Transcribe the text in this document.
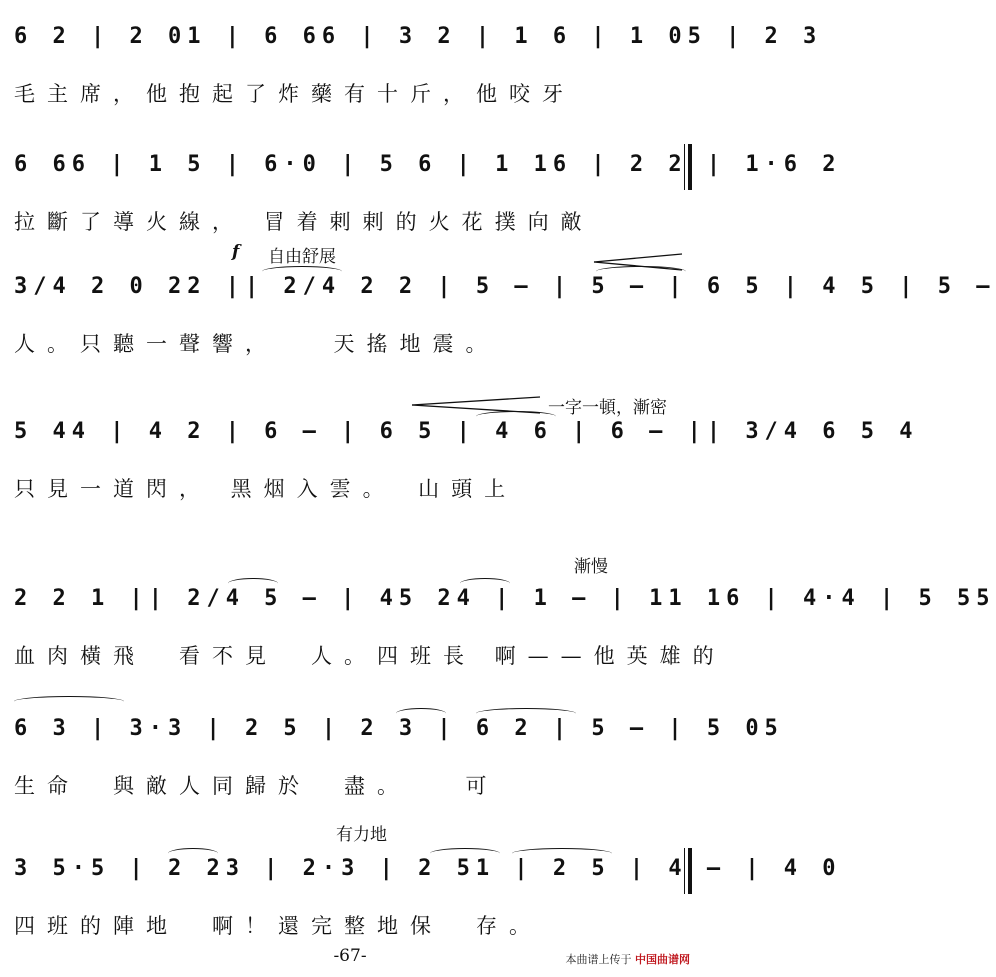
6 2 | 2 01 | 6 66 | 3 2 | 1 6 | 1 05 | 2 3
毛主席，他抱起了炸藥有十斤，他咬牙
6 66 | 1 5 | 6·0 | 5 6 | 1 16 | 2 2 | 1·6 2
拉斷了導火線， 冒着剌剌的火花撲向敵
f 自由舒展
3/4 2 0 22 || 2/4 2 2 | 5 — | 5 — | 6 5 | 4 5 | 5 —
人。只聽一聲響，　　天搖地震。
一字一頓，漸密
5 44 | 4 2 | 6 — | 6 5 | 4 6 | 6 — || 3/4 6 5 4
只見一道閃， 黑烟入雲。　山頭上
漸慢
2 2 1 || 2/4 5 — | 45 24 | 1 — | 11 16 | 4·4 | 5 55
血肉橫飛　看不見　人。四班長 啊——他英雄的
6 3 | 3·3 | 2 5 | 2 3 | 6 2 | 5 — | 5 05
生命　與敵人同歸於　盡。　　可
有力地
3 5·5 | 2 23 | 2·3 | 2 51 | 2 5 | 4 — | 4 0
四班的陣地　啊！還完整地保　存。
-67-	本曲谱上传于 中国曲谱网
